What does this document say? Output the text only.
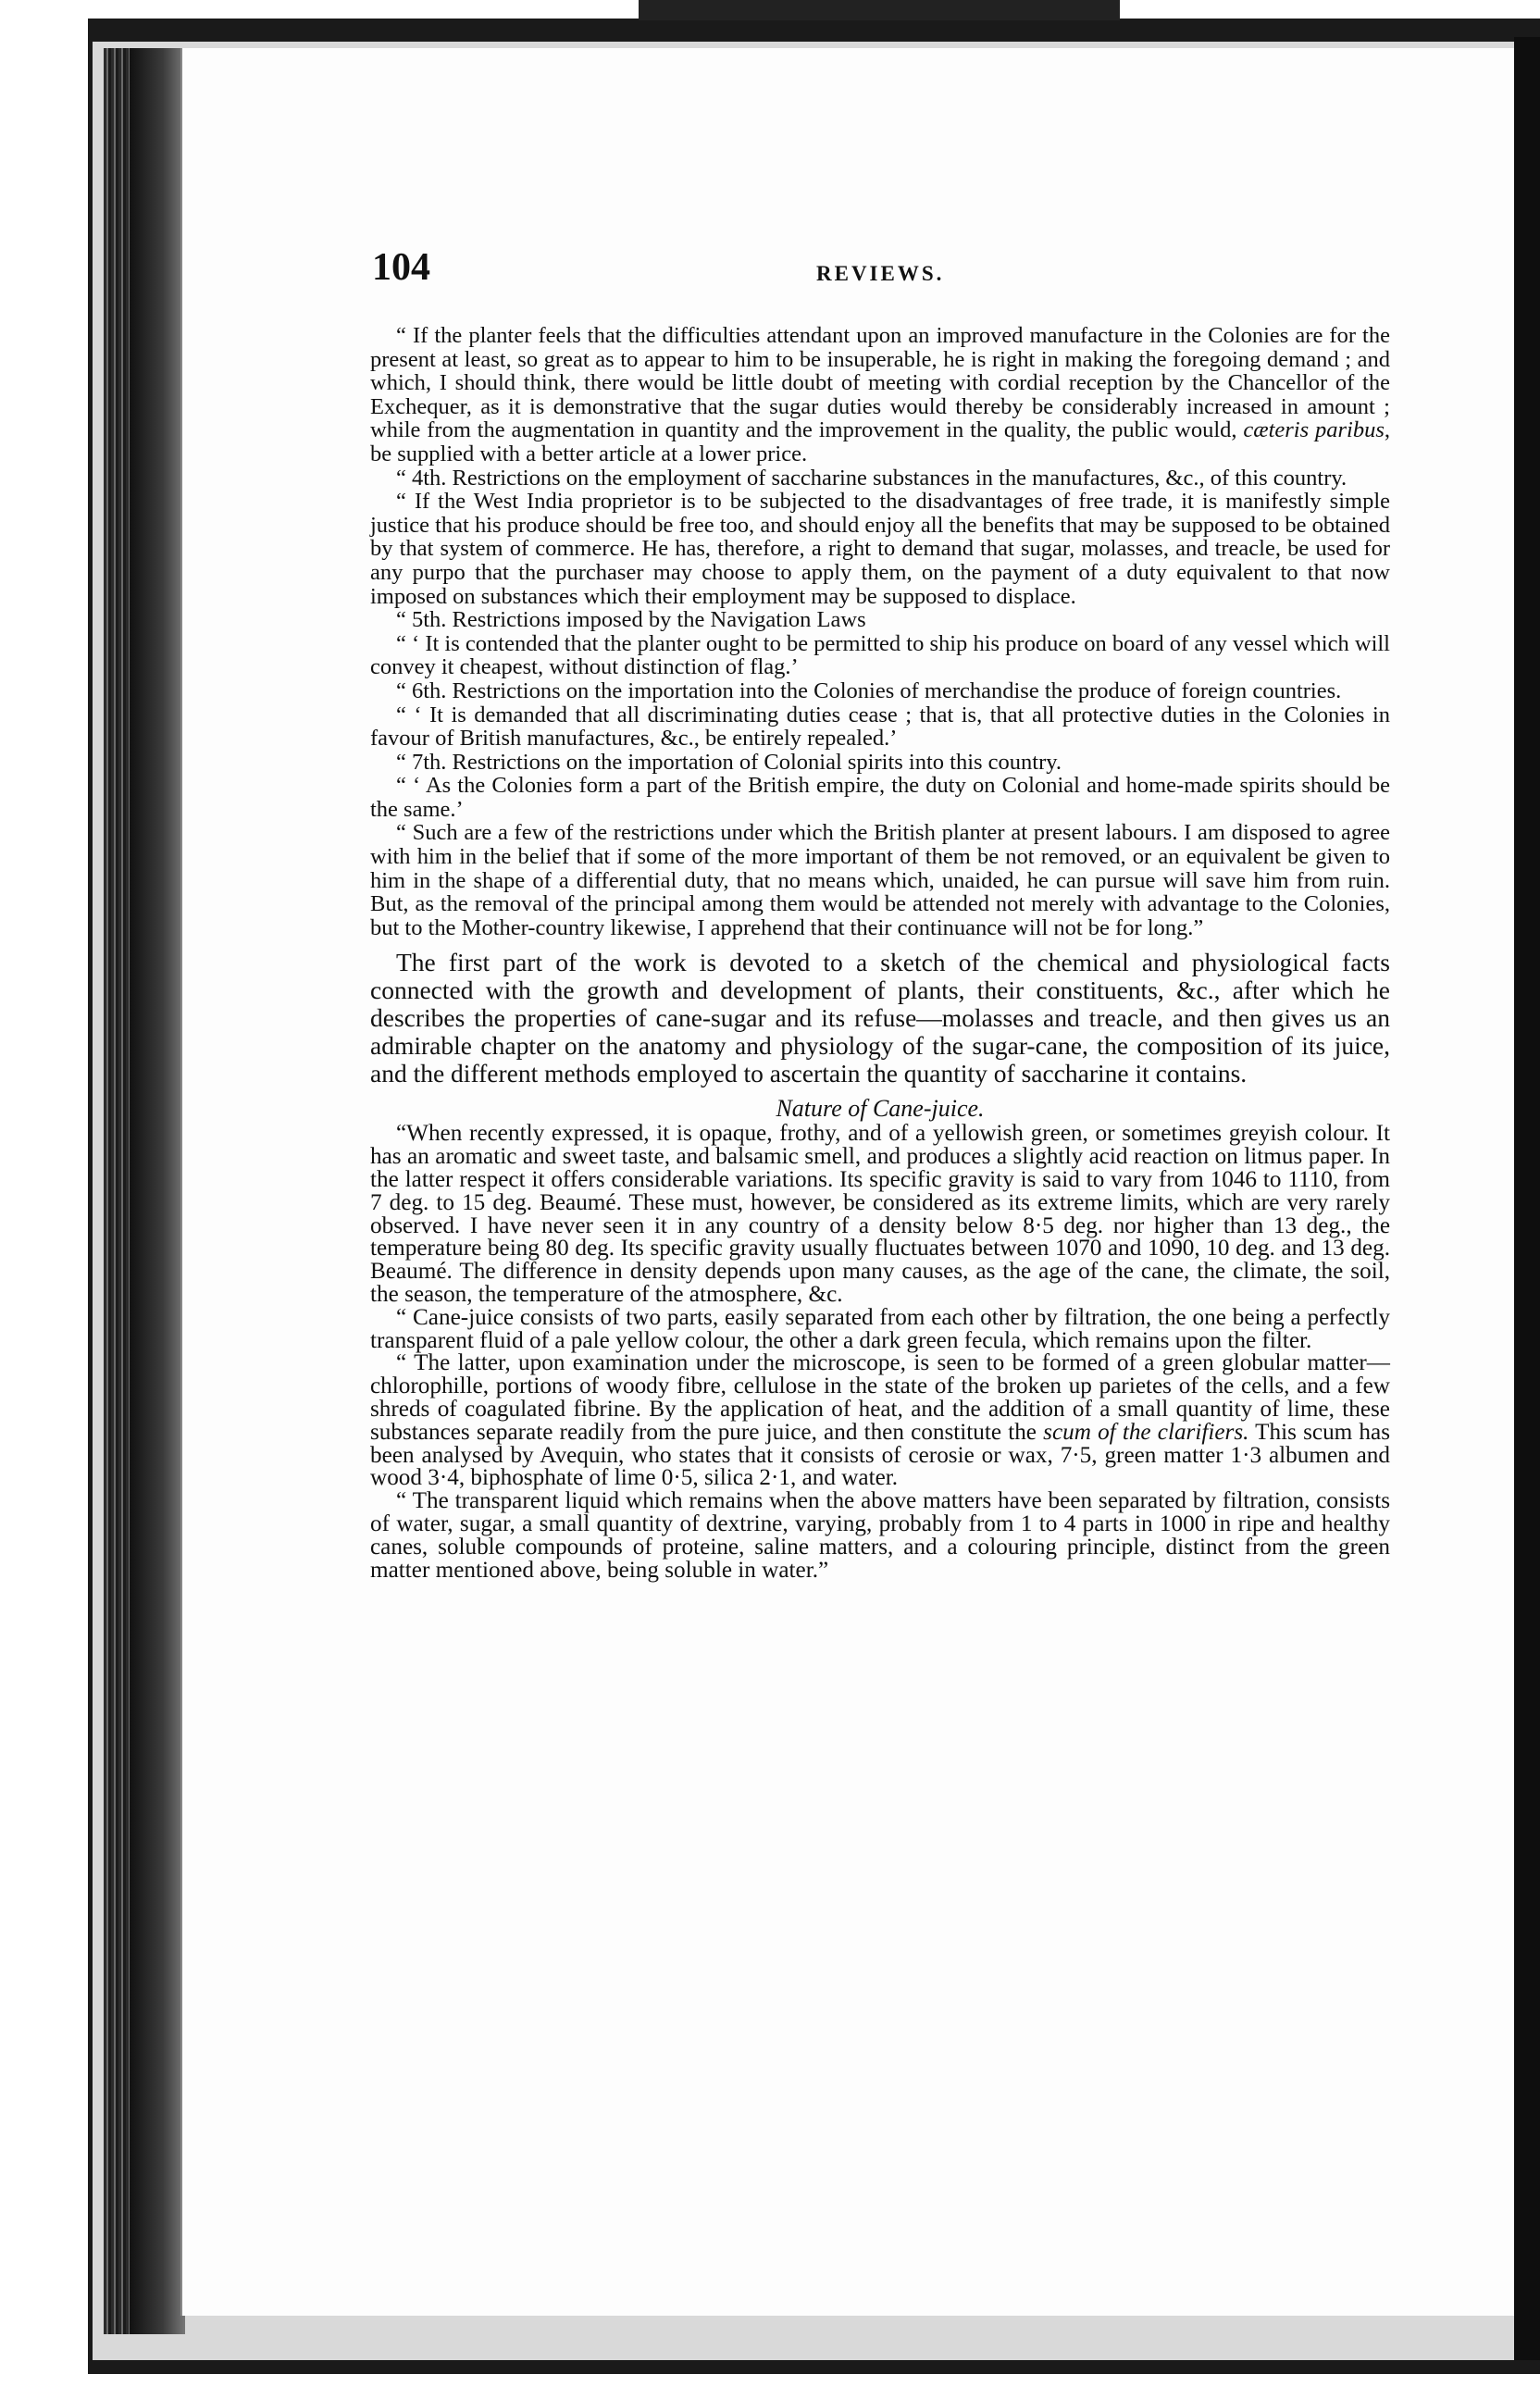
104	REVIEWS.

“ If the planter feels that the difficulties attendant upon an improved manufacture in the Colonies are for the present at least, so great as to appear to him to be insuperable, he is right in making the foregoing demand ; and which, I should think, there would be little doubt of meeting with cordial reception by the Chancellor of the Exchequer, as it is demonstrative that the sugar duties would thereby be considerably increased in amount ; while from the augmentation in quantity and the improvement in the quality, the public would, cæteris paribus, be supplied with a better article at a lower price.

“ 4th. Restrictions on the employment of saccharine substances in the manufactures, &c., of this country.

“ If the West India proprietor is to be subjected to the disadvantages of free trade, it is manifestly simple justice that his produce should be free too, and should enjoy all the benefits that may be supposed to be obtained by that system of commerce. He has, therefore, a right to demand that sugar, molasses, and treacle, be used for any purpo that the purchaser may choose to apply them, on the payment of a duty equivalent to that now imposed on substances which their employment may be supposed to displace.

“ 5th. Restrictions imposed by the Navigation Laws

“ ‘ It is contended that the planter ought to be permitted to ship his produce on board of any vessel which will convey it cheapest, without distinction of flag.’

“ 6th. Restrictions on the importation into the Colonies of merchandise the produce of foreign countries.

“ ‘ It is demanded that all discriminating duties cease ; that is, that all protective duties in the Colonies in favour of British manufactures, &c., be entirely repealed.’

“ 7th. Restrictions on the importation of Colonial spirits into this country.

“ ‘ As the Colonies form a part of the British empire, the duty on Colonial and home-made spirits should be the same.’

“ Such are a few of the restrictions under which the British planter at present labours. I am disposed to agree with him in the belief that if some of the more important of them be not removed, or an equivalent be given to him in the shape of a differential duty, that no means which, unaided, he can pursue will save him from ruin. But, as the removal of the principal among them would be attended not merely with advantage to the Colonies, but to the Mother-country likewise, I apprehend that their continuance will not be for long.”

The first part of the work is devoted to a sketch of the chemical and physiological facts connected with the growth and development of plants, their constituents, &c., after which he describes the properties of cane-sugar and its refuse—molasses and treacle, and then gives us an admirable chapter on the anatomy and physiology of the sugar-cane, the composition of its juice, and the different methods employed to ascertain the quantity of saccharine it contains.

Nature of Cane-juice.

“When recently expressed, it is opaque, frothy, and of a yellowish green, or sometimes greyish colour. It has an aromatic and sweet taste, and balsamic smell, and produces a slightly acid reaction on litmus paper. In the latter respect it offers considerable variations. Its specific gravity is said to vary from 1046 to 1110, from 7 deg. to 15 deg. Beaumé. These must, however, be considered as its extreme limits, which are very rarely observed. I have never seen it in any country of a density below 8·5 deg. nor higher than 13 deg., the temperature being 80 deg. Its specific gravity usually fluctuates between 1070 and 1090, 10 deg. and 13 deg. Beaumé. The difference in density depends upon many causes, as the age of the cane, the climate, the soil, the season, the temperature of the atmosphere, &c.

“ Cane-juice consists of two parts, easily separated from each other by filtration, the one being a perfectly transparent fluid of a pale yellow colour, the other a dark green fecula, which remains upon the filter.

“ The latter, upon examination under the microscope, is seen to be formed of a green globular matter—chlorophille, portions of woody fibre, cellulose in the state of the broken up parietes of the cells, and a few shreds of coagulated fibrine. By the application of heat, and the addition of a small quantity of lime, these substances separate readily from the pure juice, and then constitute the scum of the clarifiers. This scum has been analysed by Avequin, who states that it consists of cerosie or wax, 7·5, green matter 1·3 albumen and wood 3·4, biphosphate of lime 0·5, silica 2·1, and water.

“ The transparent liquid which remains when the above matters have been separated by filtration, consists of water, sugar, a small quantity of dextrine, varying, probably from 1 to 4 parts in 1000 in ripe and healthy canes, soluble compounds of proteine, saline matters, and a colouring principle, distinct from the green matter mentioned above, being soluble in water.”
